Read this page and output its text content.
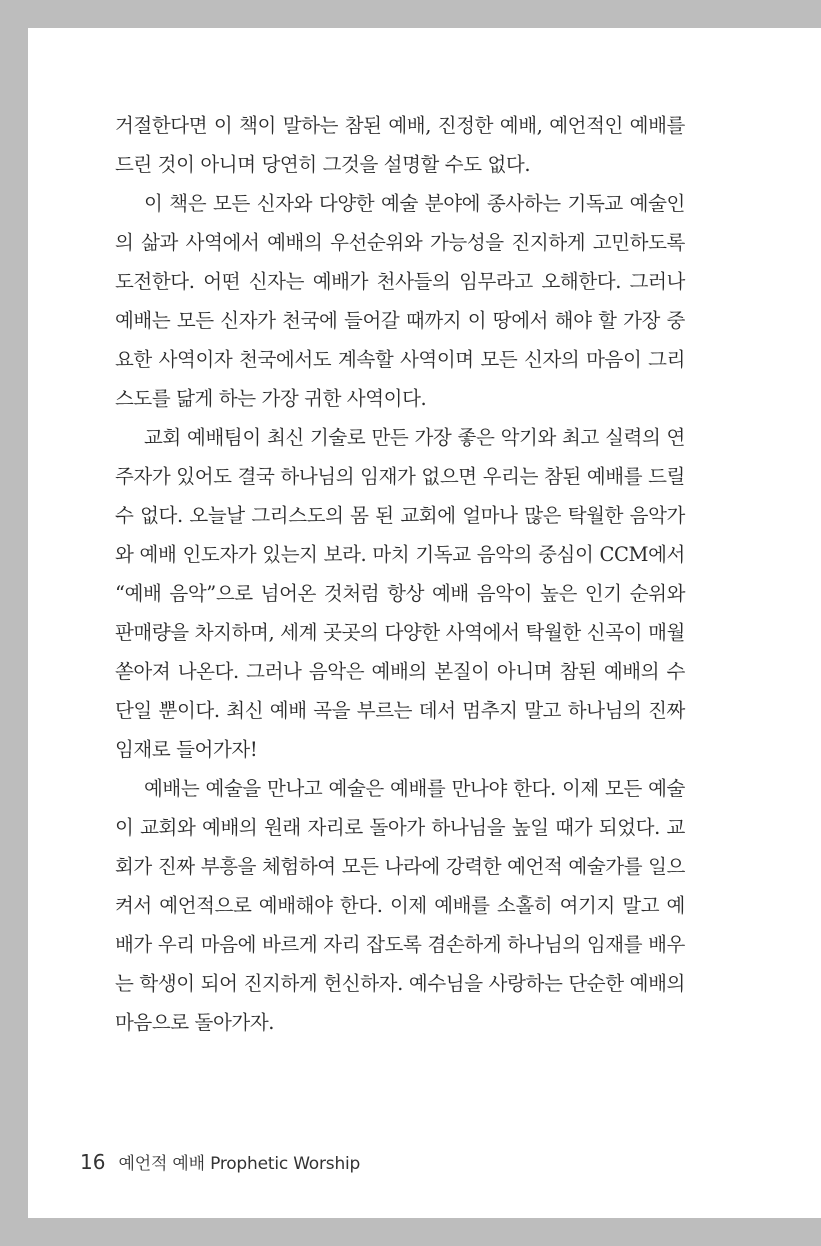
거절한다면 이 책이 말하는 참된 예배, 진정한 예배, 예언적인 예배를 드린 것이 아니며 당연히 그것을 설명할 수도 없다.

이 책은 모든 신자와 다양한 예술 분야에 종사하는 기독교 예술인의 삶과 사역에서 예배의 우선순위와 가능성을 진지하게 고민하도록 도전한다. 어떤 신자는 예배가 천사들의 임무라고 오해한다. 그러나 예배는 모든 신자가 천국에 들어갈 때까지 이 땅에서 해야 할 가장 중요한 사역이자 천국에서도 계속할 사역이며 모든 신자의 마음이 그리스도를 닮게 하는 가장 귀한 사역이다.

교회 예배팀이 최신 기술로 만든 가장 좋은 악기와 최고 실력의 연주자가 있어도 결국 하나님의 임재가 없으면 우리는 참된 예배를 드릴 수 없다. 오늘날 그리스도의 몸 된 교회에 얼마나 많은 탁월한 음악가와 예배 인도자가 있는지 보라. 마치 기독교 음악의 중심이 CCM에서 “예배 음악”으로 넘어온 것처럼 항상 예배 음악이 높은 인기 순위와 판매량을 차지하며, 세계 곳곳의 다양한 사역에서 탁월한 신곡이 매월 쏟아져 나온다. 그러나 음악은 예배의 본질이 아니며 참된 예배의 수단일 뿐이다. 최신 예배 곡을 부르는 데서 멈추지 말고 하나님의 진짜 임재로 들어가자!

예배는 예술을 만나고 예술은 예배를 만나야 한다. 이제 모든 예술이 교회와 예배의 원래 자리로 돌아가 하나님을 높일 때가 되었다. 교회가 진짜 부흥을 체험하여 모든 나라에 강력한 예언적 예술가를 일으켜서 예언적으로 예배해야 한다. 이제 예배를 소홀히 여기지 말고 예배가 우리 마음에 바르게 자리 잡도록 겸손하게 하나님의 임재를 배우는 학생이 되어 진지하게 헌신하자. 예수님을 사랑하는 단순한 예배의 마음으로 돌아가자.

16 예언적 예배 Prophetic Worship
